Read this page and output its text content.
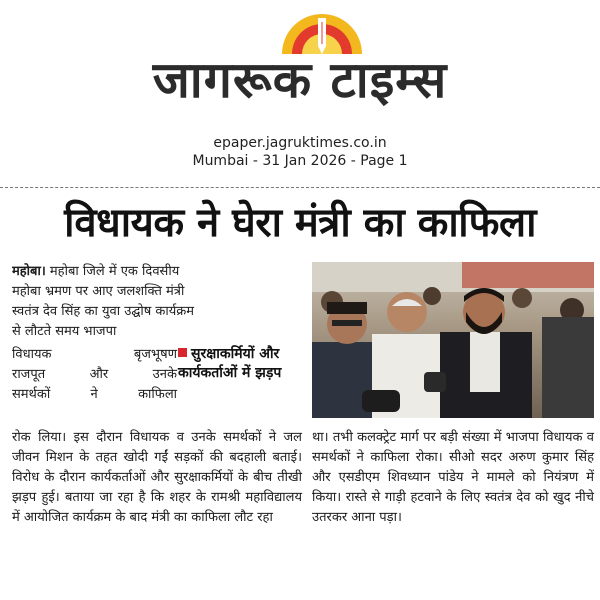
जागरूक टाइम्स
epaper.jagruktimes.co.in
Mumbai - 31 Jan 2026 - Page 1
विधायक ने घेरा मंत्री का काफिला
महोबा। महोबा जिले में एक दिवसीय
महोबा भ्रमण पर आए जलशक्ति मंत्री
स्वतंत्र देव सिंह का युवा उद्घोष कार्यक्रम
से लौटते समय भाजपा
विधायक बृजभूषण
राजपूत और उनके
समर्थकों ने काफिला
सुरक्षाकर्मियों और कार्यकर्ताओं में झड़प
रोक लिया। इस दौरान विधायक व उनके समर्थकों ने जल जीवन मिशन के तहत खोदी गईं सड़कों की बदहाली बताई। विरोध के दौरान कार्यकर्ताओं और सुरक्षाकर्मियों के बीच तीखी झड़प हुई। बताया जा रहा है कि शहर के रामश्री महाविद्यालय में आयोजित कार्यक्रम के बाद मंत्री का काफिला लौट रहा
था। तभी कलक्ट्रेट मार्ग पर बड़ी संख्या में भाजपा विधायक व समर्थकों ने काफिला रोका। सीओ सदर अरुण कुमार सिंह और एसडीएम शिवध्यान पांडेय ने मामले को नियंत्रण में किया। रास्ते से गाड़ी हटवाने के लिए स्वतंत्र देव को खुद नीचे उतरकर आना पड़ा।
